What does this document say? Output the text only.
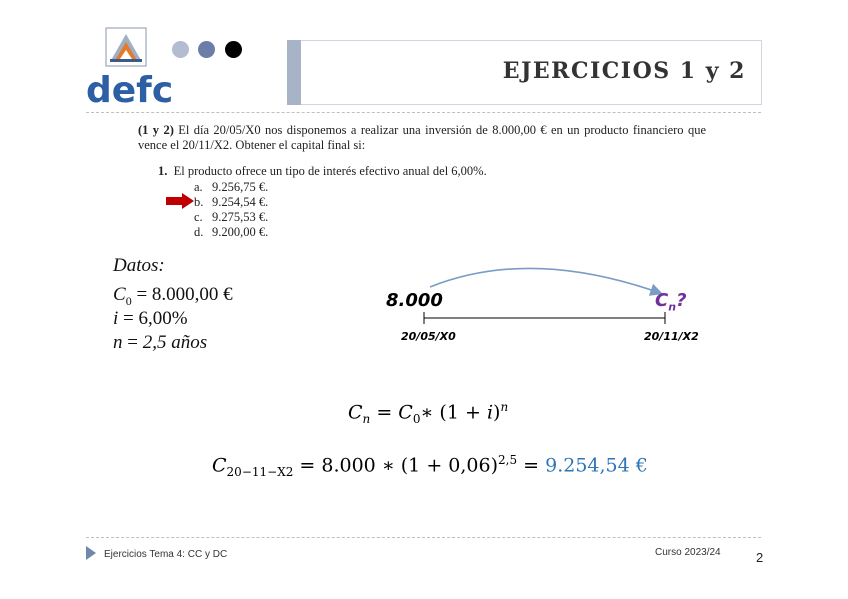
defc	EJERCICIOS 1 y 2
(1 y 2) El día 20/05/X0 nos disponemos a realizar una inversión de 8.000,00 € en un producto financiero que vence el 20/11/X2. Obtener el capital final si:
1. El producto ofrece un tipo de interés efectivo anual del 6,00%.
a. 9.256,75 €.
b. 9.254,54 €.
c. 9.275,53 €.
d. 9.200,00 €.
Datos:
$C_0 = 8.000,00$ €
i = 6,00%
n = 2,5 años
8.000	$C_n$?
20/05/X0	20/11/X2
$C_n$ = $C_0∗$ $(1 + i)^n$
$C_{20-11-X2} = 8.000$ ∗ $(1 + 0,06)^{2,5} = 9.254,54$ €
Ejercicios Tema 4: CC y DC	Curso 2023/24	2
